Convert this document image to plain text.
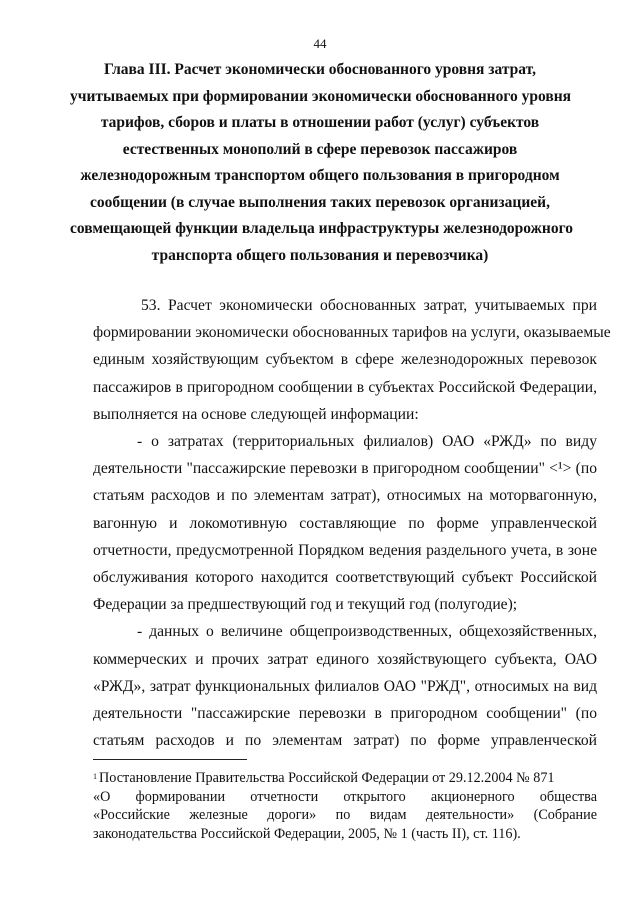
44
Глава III. Расчет экономически обоснованного уровня затрат,
учитываемых при формировании экономически обоснованного уровня
тарифов, сборов и платы в отношении работ (услуг) субъектов
естественных монополий в сфере перевозок пассажиров
железнодорожным транспортом общего пользования в пригородном
сообщении (в случае выполнения таких перевозок организацией,
совмещающей функции владельца инфраструктуры железнодорожного
транспорта общего пользования и перевозчика)
53. Расчет экономически обоснованных затрат, учитываемых при
формировании экономически обоснованных тарифов на услуги, оказываемые
единым хозяйствующим субъектом в сфере железнодорожных перевозок
пассажиров в пригородном сообщении в субъектах Российской Федерации,
выполняется на основе следующей информации:
- о затратах (территориальных филиалов) ОАО «РЖД» по виду
деятельности "пассажирские перевозки в пригородном сообщении" <¹> (по
статьям расходов и по элементам затрат), относимых на моторвагонную,
вагонную и локомотивную составляющие по форме управленческой
отчетности, предусмотренной Порядком ведения раздельного учета, в зоне
обслуживания которого находится соответствующий субъект Российской
Федерации за предшествующий год и текущий год (полугодие);
- данных о величине общепроизводственных, общехозяйственных,
коммерческих и прочих затрат единого хозяйствующего субъекта, ОАО
«РЖД», затрат функциональных филиалов ОАО "РЖД", относимых на вид
деятельности "пассажирские перевозки в пригородном сообщении" (по
статьям расходов и по элементам затрат) по форме управленческой
$^1$ Постановление Правительства Российской Федерации от 29.12.2004 № 871
«О формировании отчетности открытого акционерного общества
«Российские железные дороги» по видам деятельности» (Собрание
законодательства Российской Федерации, 2005, № 1 (часть II), ст. 116).
